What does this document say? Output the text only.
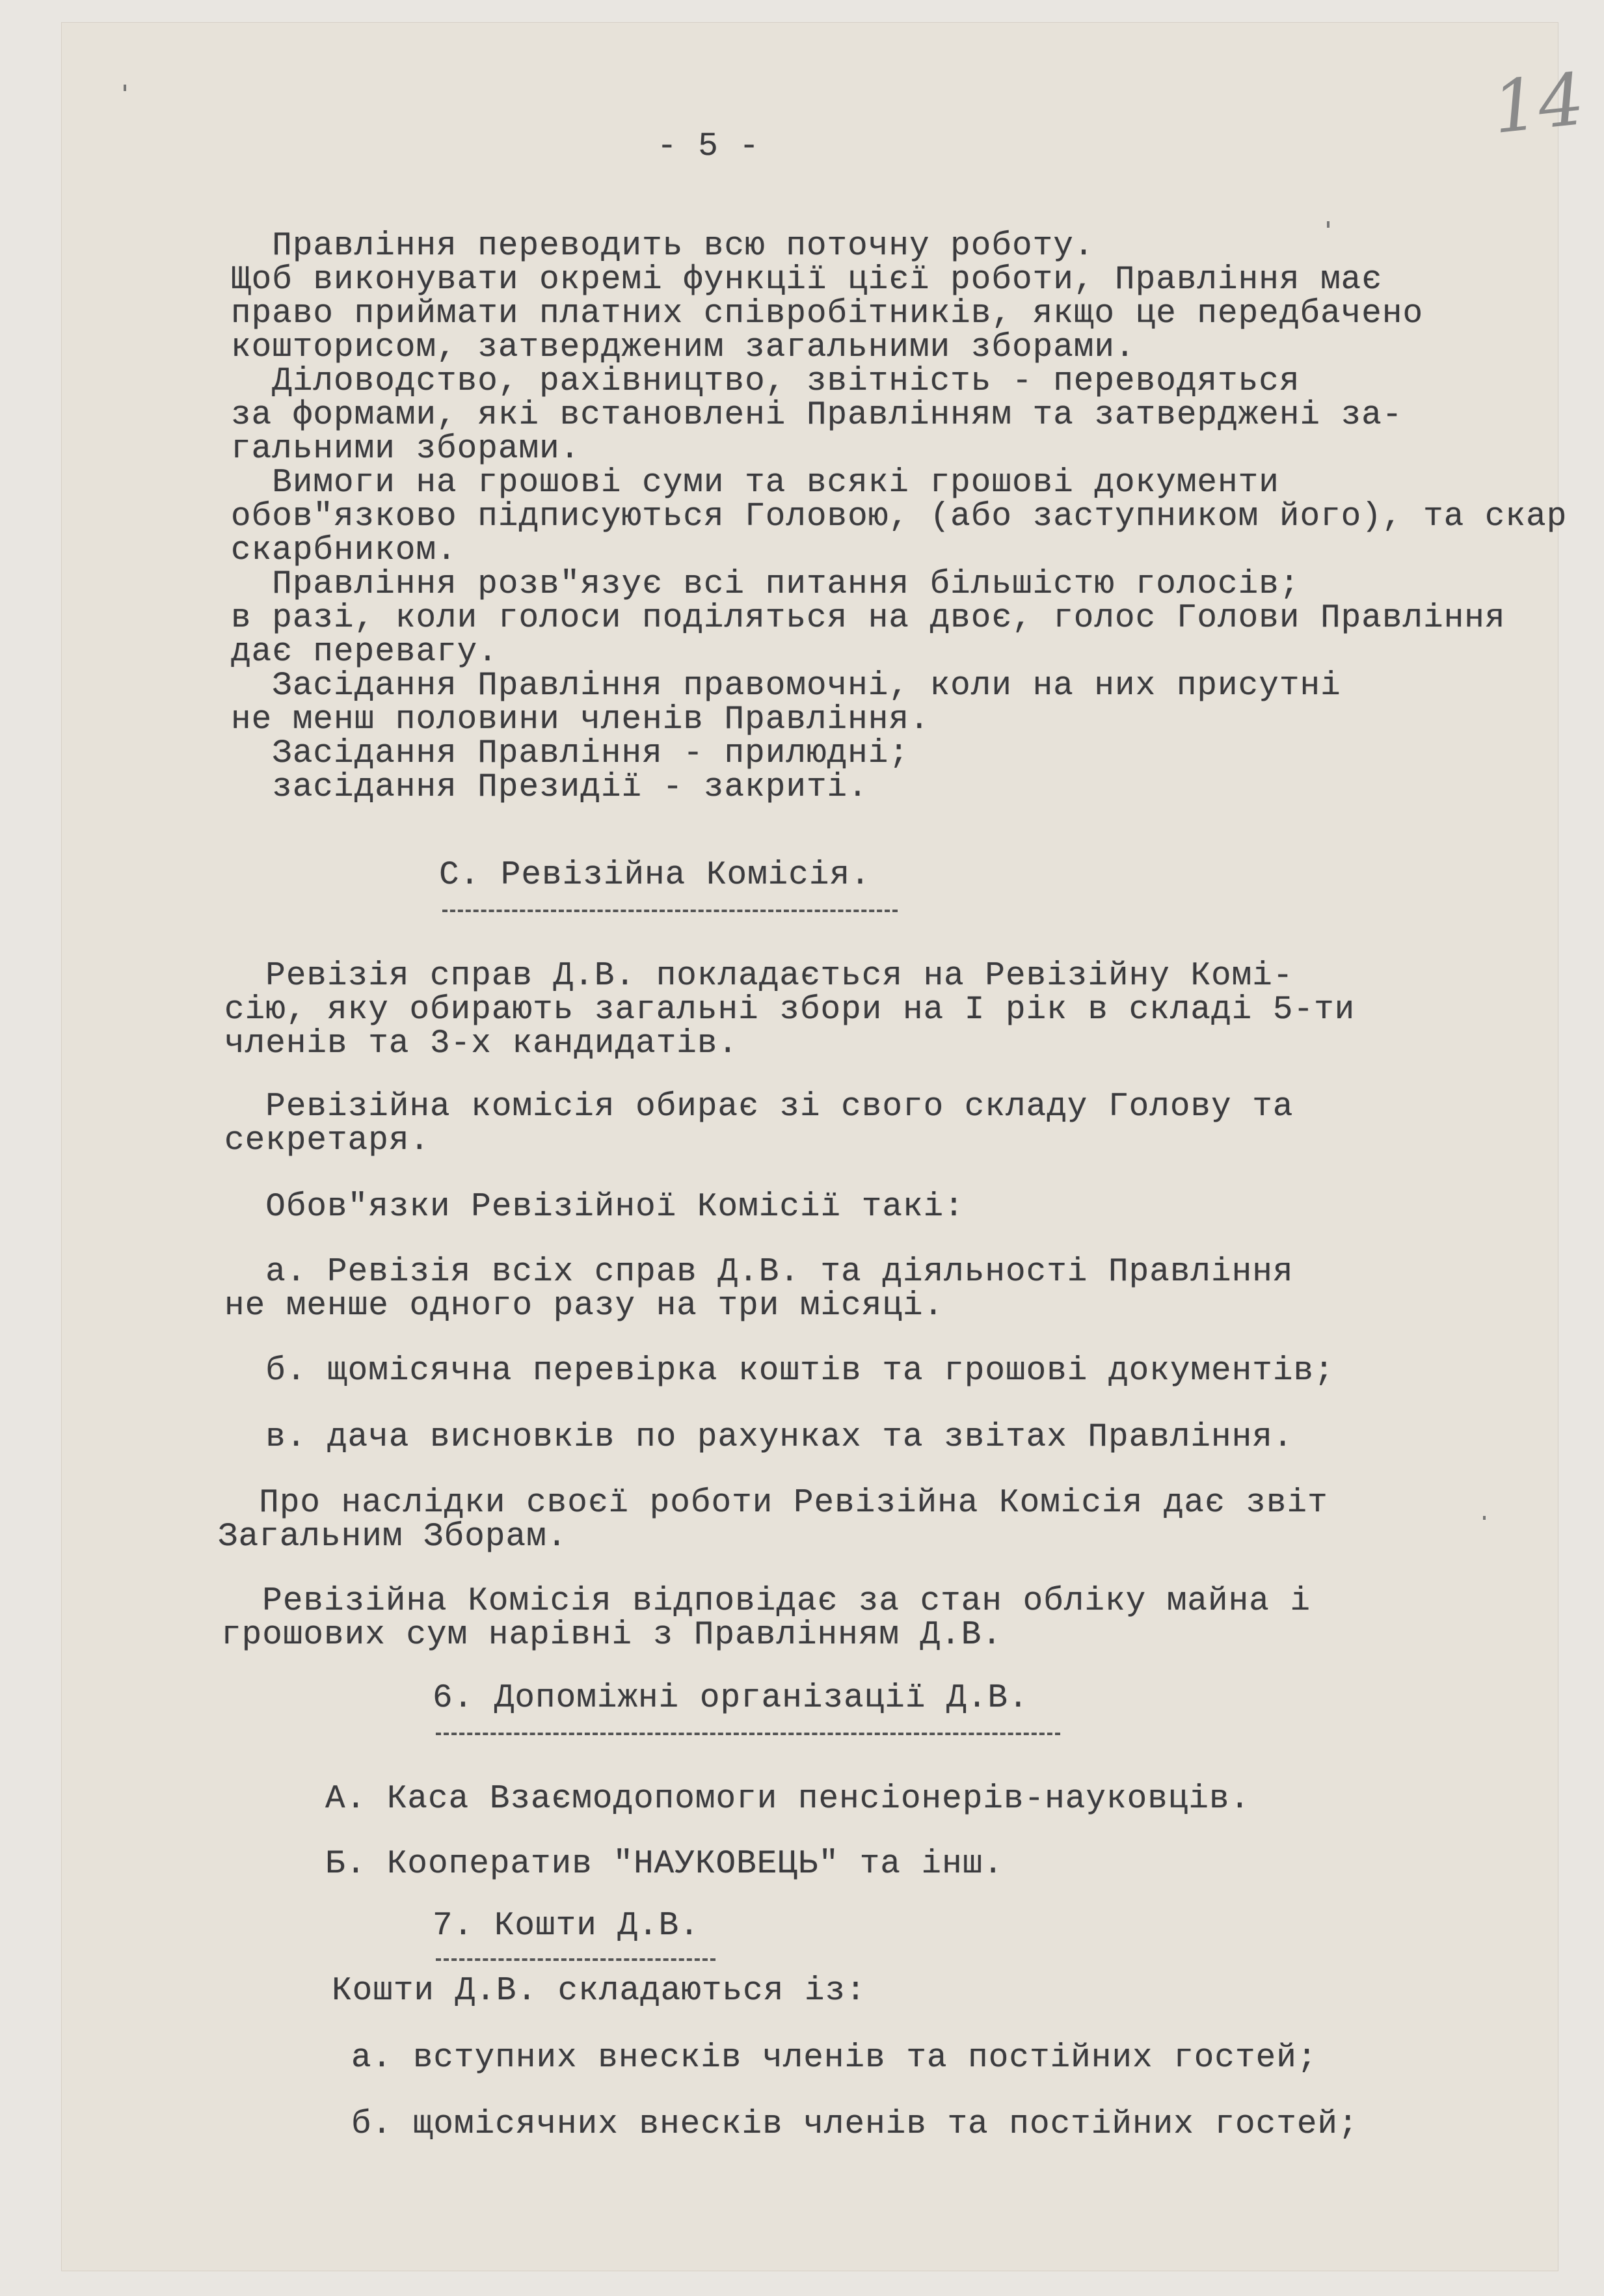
14
- 5 -
Правління переводить всю поточну роботу.
Щоб виконувати окремі функції цієї роботи, Правління має
право приймати платних співробітників, якщо це передбачено
кошторисом, затвердженим загальними зборами.
Діловодство, рахівництво, звітність - переводяться
за формами, які встановлені Правлінням та затверджені за-
гальними зборами.
Вимоги на грошові суми та всякі грошові документи
обов"язково підписуються Головою, (або заступником його), та скар
скарбником.
Правління розв"язує всі питання більшістю голосів;
в разі, коли голоси поділяться на двоє, голос Голови Правління
дає перевагу.
Засідання Правління правомочні, коли на них присутні
не менш половини членів Правління.
Засідання Правління - прилюдні;
засідання Президії - закриті.
С. Ревізійна Комісія.
Ревізія справ Д.В. покладається на Ревізійну Комі-
сію, яку обирають загальні збори на І рік в складі 5-ти
членів та 3-х кандидатів.
Ревізійна комісія обирає зі свого складу Голову та
секретаря.
Обов"язки Ревізійної Комісії такі:
а. Ревізія всіх справ Д.В. та діяльності Правління
не менше одного разу на три місяці.
б. щомісячна перевірка коштів та грошові документів;
в. дача висновків по рахунках та звітах Правління.
Про наслідки своєї роботи Ревізійна Комісія дає звіт
Загальним Зборам.
Ревізійна Комісія відповідає за стан обліку майна і
грошових сум нарівні з Правлінням Д.В.
6. Допоміжні організації Д.В.
А. Каса Взаємодопомоги пенсіонерів-науковців.
Б. Кооператив "НАУКОВЕЦЬ" та інш.
7. Кошти Д.В.
Кошти Д.В. складаються із:
а. вступних внесків членів та постійних гостей;
б. щомісячних внесків членів та постійних гостей;
